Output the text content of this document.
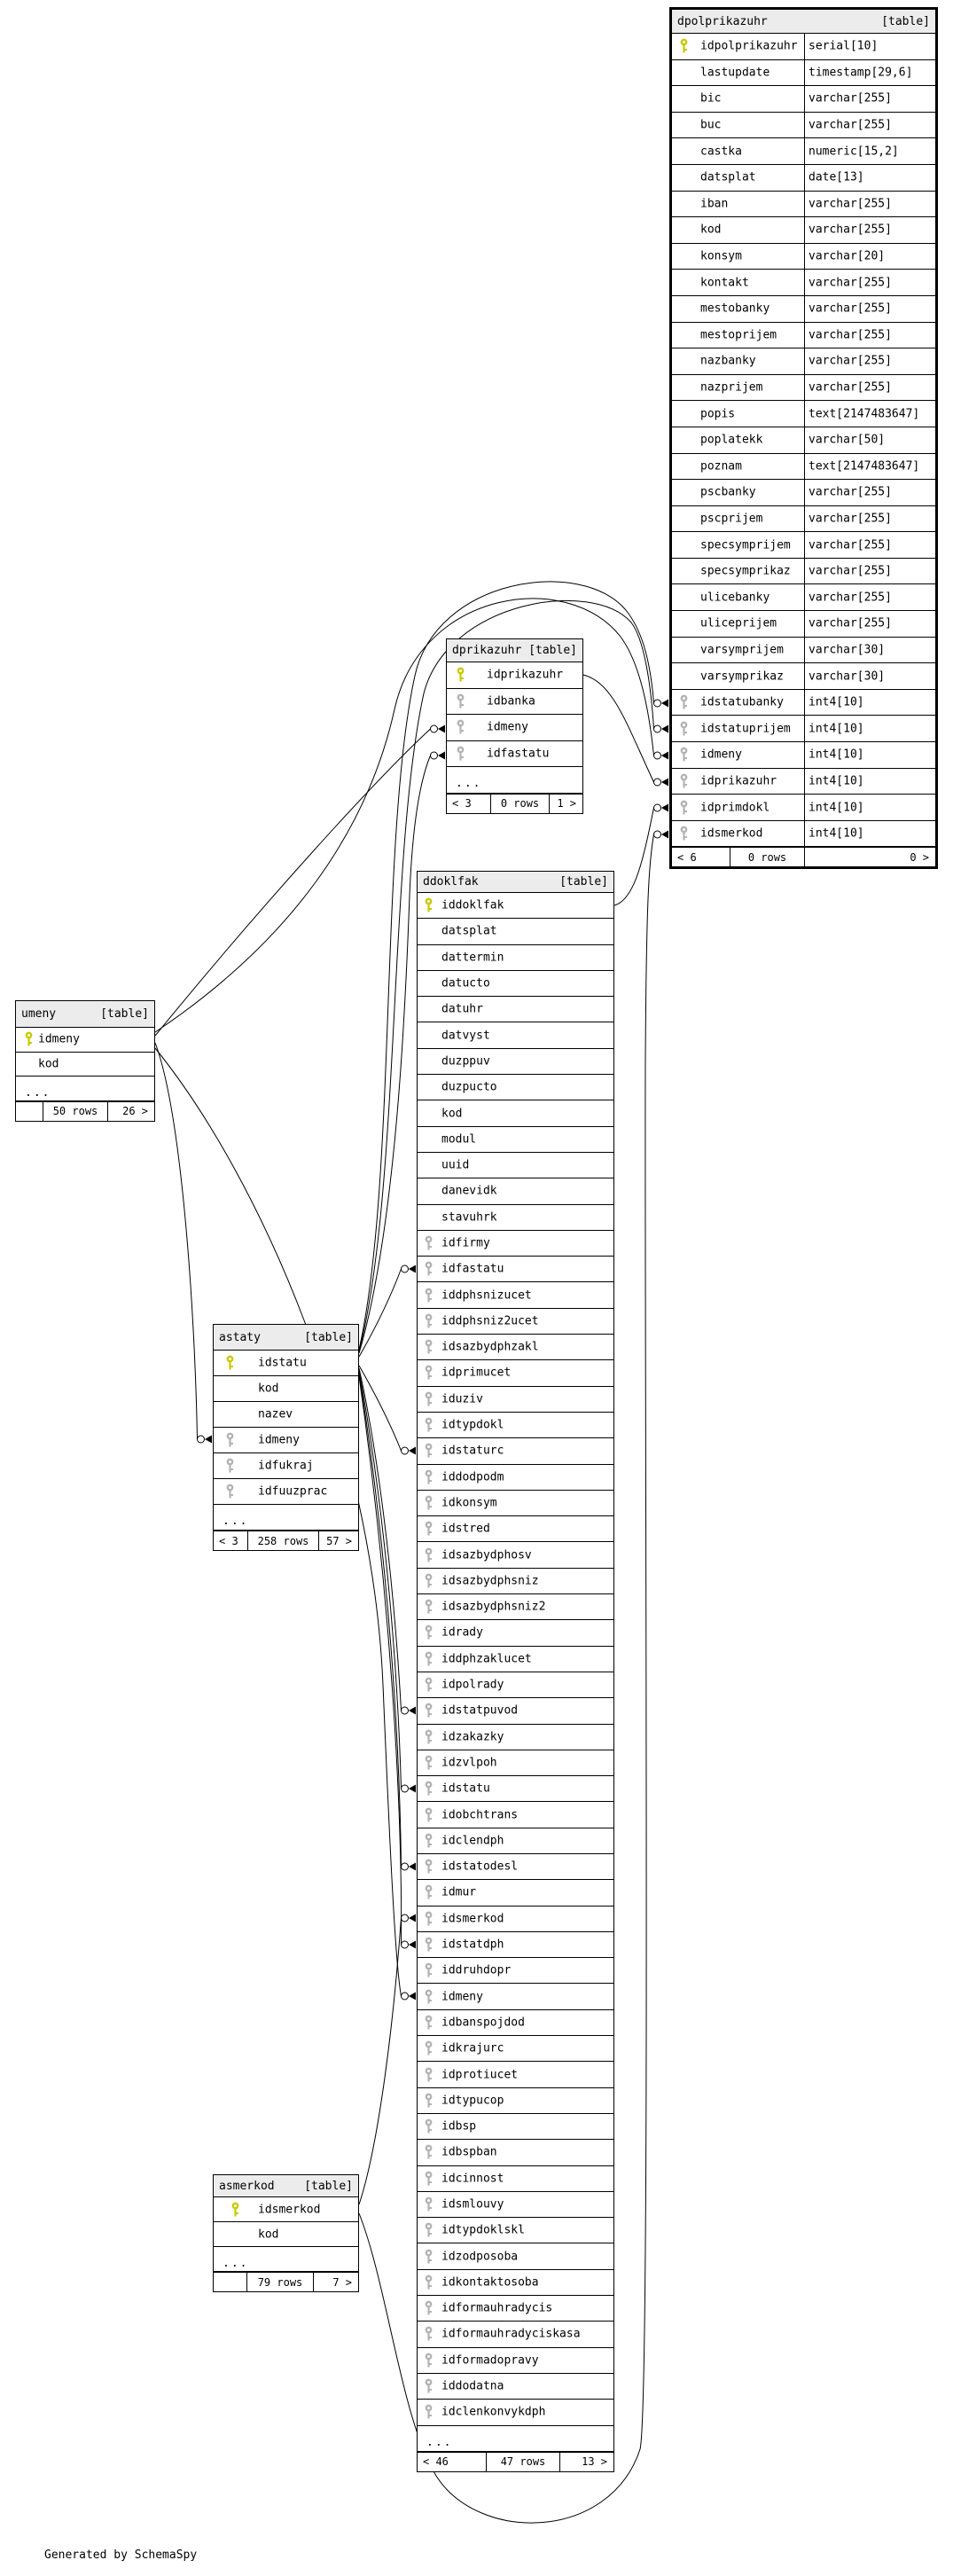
dpolprikazuhr	[table]
idpolprikazuhr serial[10]
lastupdate	timestamp[29,6]
bic	varchar[255]
buc	varchar[255]
castka	numeric[15,2]
datsplat	date[13]
iban	varchar[255]
kod	varchar[255]
konsym	varchar[20]
kontakt	varchar[255]
mestobanky	varchar[255]
mestoprijem	varchar[255]
nazbanky	varchar[255]
nazprijem	varchar[255]
popis	text[2147483647]
poplatekk	varchar[50]
poznam	text[2147483647]
pscbanky	varchar[255]
pscprijem	varchar[255]
specsymprijem	varchar[255]
specsymprikaz	varchar[255]
ulicebanky	varchar[255]
uliceprijem	varchar[255]
varsymprijem	varchar[30]
varsymprikaz	varchar[30]
idstatubanky	int4[10]
idstatuprijem	int4[10]
idmeny	int4[10]
idprikazuhr	int4[10]
idprimdokl	int4[10]
idsmerkod	int4[10]
< 6	0 rows	0 >
dprikazuhr [table]
idprikazuhr
idbanka
idmeny
idfastatu
...
< 3	0 rows	1 >
ddoklfak	[table]
iddoklfak
datsplat
dattermin
datucto
datuhr
datvyst
duzppuv
duzpucto
kod
modul
uuid
danevidk
stavuhrk
idfirmy
idfastatu
iddphsnizucet
iddphsniz2ucet
idsazbydphzakl
idprimucet
iduziv
idtypdokl
idstaturc
iddodpodm
idkonsym
idstred
idsazbydphosv
idsazbydphsniz
idsazbydphsniz2
idrady
iddphzaklucet
idpolrady
idstatpuvod
idzakazky
idzvlpoh
idstatu
idobchtrans
idclendph
idstatodesl
idmur
idsmerkod
idstatdph
iddruhdopr
idmeny
idbanspojdod
idkrajurc
idprotiucet
idtypucop
idbsp
idbspban
idcinnost
idsmlouvy
idtypdoklskl
idzodposoba
idkontaktosoba
idformauhradycis
idformauhradyciskasa
idformadopravy
iddodatna
idclenkonvykdph
...
< 46	47 rows	13 >
umeny	[table]
idmeny
kod
...
50 rows	26 >
astaty	[table]
idstatu
kod
nazev
idmeny
idfukraj
idfuuzprac
...
< 3	258 rows	57 >
asmerkod	[table]
idsmerkod
kod
...
79 rows	7 >
Generated by SchemaSpy
